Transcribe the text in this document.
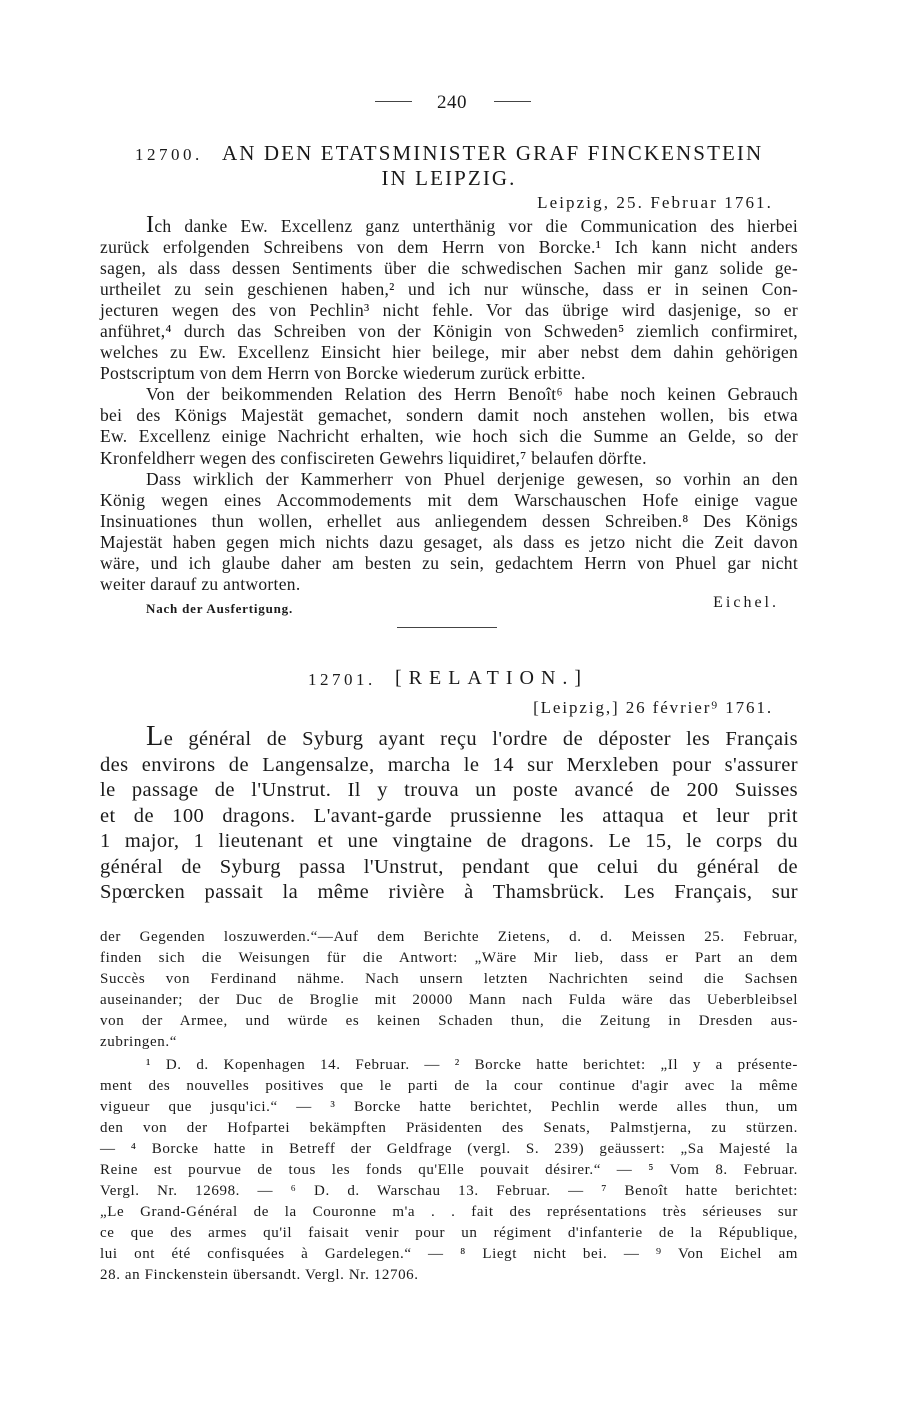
240
12700. AN DEN ETATSMINISTER GRAF FINCKENSTEIN
IN LEIPZIG.
Leipzig, 25. Februar 1761.
Ich danke Ew. Excellenz ganz unterthänig vor die Communication des hierbei
zurück erfolgenden Schreibens von dem Herrn von Borcke.¹ Ich kann nicht anders
sagen, als dass dessen Sentiments über die schwedischen Sachen mir ganz solide ge-
urtheilet zu sein geschienen haben,² und ich nur wünsche, dass er in seinen Con-
jecturen wegen des von Pechlin³ nicht fehle. Vor das übrige wird dasjenige, so er
anführet,⁴ durch das Schreiben von der Königin von Schweden⁵ ziemlich confirmiret,
welches zu Ew. Excellenz Einsicht hier beilege, mir aber nebst dem dahin gehörigen
Postscriptum von dem Herrn von Borcke wiederum zurück erbitte.
Von der beikommenden Relation des Herrn Benoît⁶ habe noch keinen Gebrauch
bei des Königs Majestät gemachet, sondern damit noch anstehen wollen, bis etwa
Ew. Excellenz einige Nachricht erhalten, wie hoch sich die Summe an Gelde, so der
Kronfeldherr wegen des confiscireten Gewehrs liquidiret,⁷ belaufen dörfte.
Dass wirklich der Kammerherr von Phuel derjenige gewesen, so vorhin an den
König wegen eines Accommodements mit dem Warschauschen Hofe einige vague
Insinuationes thun wollen, erhellet aus anliegendem dessen Schreiben.⁸ Des Königs
Majestät haben gegen mich nichts dazu gesaget, als dass es jetzo nicht die Zeit davon
wäre, und ich glaube daher am besten zu sein, gedachtem Herrn von Phuel gar nicht
weiter darauf zu antworten.
Nach der Ausfertigung.	Eichel.
12701. [RELATION.]
[Leipzig,] 26 février⁹ 1761.
Le général de Syburg ayant reçu l'ordre de déposter les Français
des environs de Langensalze, marcha le 14 sur Merxleben pour s'assurer
le passage de l'Unstrut. Il y trouva un poste avancé de 200 Suisses
et de 100 dragons. L'avant-garde prussienne les attaqua et leur prit
1 major, 1 lieutenant et une vingtaine de dragons. Le 15, le corps du
général de Syburg passa l'Unstrut, pendant que celui du général de
Spœrcken passait la même rivière à Thamsbrück. Les Français, sur
der Gegenden loszuwerden.“—Auf dem Berichte Zietens, d. d. Meissen 25. Februar,
finden sich die Weisungen für die Antwort: „Wäre Mir lieb, dass er Part an dem
Succès von Ferdinand nähme. Nach unsern letzten Nachrichten seind die Sachsen
auseinander; der Duc de Broglie mit 20000 Mann nach Fulda wäre das Ueberbleibsel
von der Armee, und würde es keinen Schaden thun, die Zeitung in Dresden aus-
zubringen.“
¹ D. d. Kopenhagen 14. Februar. — ² Borcke hatte berichtet: „Il y a présente-
ment des nouvelles positives que le parti de la cour continue d'agir avec la même
vigueur que jusqu'ici.“ — ³ Borcke hatte berichtet, Pechlin werde alles thun, um
den von der Hofpartei bekämpften Präsidenten des Senats, Palmstjerna, zu stürzen.
— ⁴ Borcke hatte in Betreff der Geldfrage (vergl. S. 239) geäussert: „Sa Majesté la
Reine est pourvue de tous les fonds qu'Elle pouvait désirer.“ — ⁵ Vom 8. Februar.
Vergl. Nr. 12698. — ⁶ D. d. Warschau 13. Februar. — ⁷ Benoît hatte berichtet:
„Le Grand-Général de la Couronne m'a . . fait des représentations très sérieuses sur
ce que des armes qu'il faisait venir pour un régiment d'infanterie de la République,
lui ont été confisquées à Gardelegen.“ — ⁸ Liegt nicht bei. — ⁹ Von Eichel am
28. an Finckenstein übersandt. Vergl. Nr. 12706.
